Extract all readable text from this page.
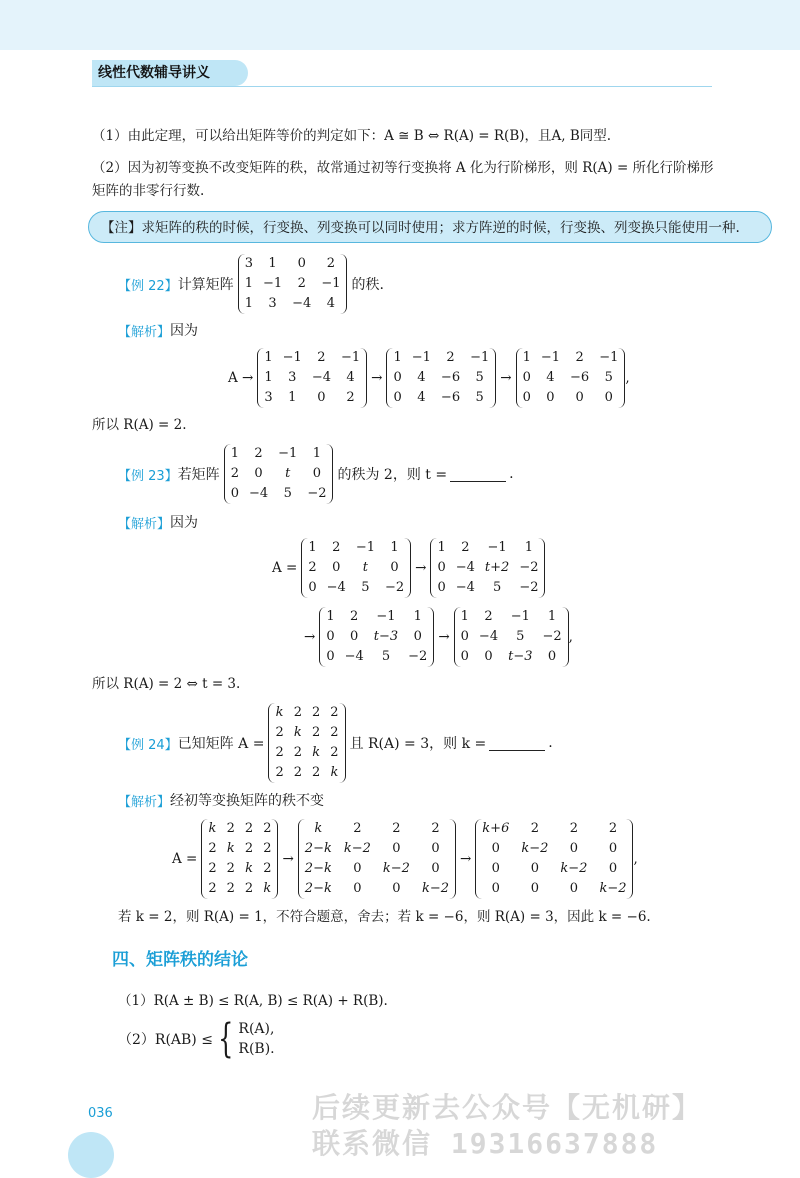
线性代数辅导讲义
（1）由此定理，可以给出矩阵等价的判定如下：A ≅ B ⇔ R(A) = R(B)，且A, B同型.
（2）因为初等变换不改变矩阵的秩，故常通过初等行变换将 A 化为行阶梯形，则 R(A) = 所化行阶梯形
矩阵的非零行行数.
【注】求矩阵的秩的时候，行变换、列变换可以同时使用；求方阵逆的时候，行变换、列变换只能使用一种.
【例 22】 计算矩阵
3	1	0	2
1 −1	2	−1
1	3	−4	4
的秩.
【解析】 因为
A →
1 −1	2	−1
1	3	−4	4
3	1	0	2
→
1 −1	2	−1
0	4	−6	5
0	4	−6	5
→
1 −1	2	−1
0	4	−6	5
0	0	0	0
,
所以 R(A) = 2.
【例 23】 若矩阵
1	2	−1	1
2	0	t	0
0 −4	5	−2
的秩为 2，则 t =	.
【解析】 因为
A =
1	2	−1	1
2	0	t	0
0 −4	5	−2
→
1	2	−1	1
0 −4 t+2 −2
0 −4	5	−2
→
1	2	−1	1
0	0	t−3	0
0 −4	5	−2
→
1	2	−1	1
0 −4	5	−2
0	0	t−3	0
,
所以 R(A) = 2 ⇔ t = 3.
【例 24】 已知矩阵 A =
k 2 2 2
2 k 2 2
2 2 k 2
2 2 2 k
且 R(A) = 3，则 k =	.
【解析】 经初等变换矩阵的秩不变
A =
k 2 2 2
2 k 2 2
2 2 k 2
2 2 2 k
→
k	2	2	2
2−k k−2	0	0
2−k	0	k−2	0
2−k	0	0	k−2
→
k+6	2	2	2
0	k−2	0	0
0	0	k−2	0
0	0	0	k−2
,
若 k = 2，则 R(A) = 1，不符合题意，舍去；若 k = −6，则 R(A) = 3，因此 k = −6.
四、矩阵秩的结论
（1）R(A ± B) ≤ R(A, B) ≤ R(A) + R(B).
（2）R(AB) ≤ { R(A),
R(B).
036	后续更新去公众号【无机研】
联系微信 19316637888
